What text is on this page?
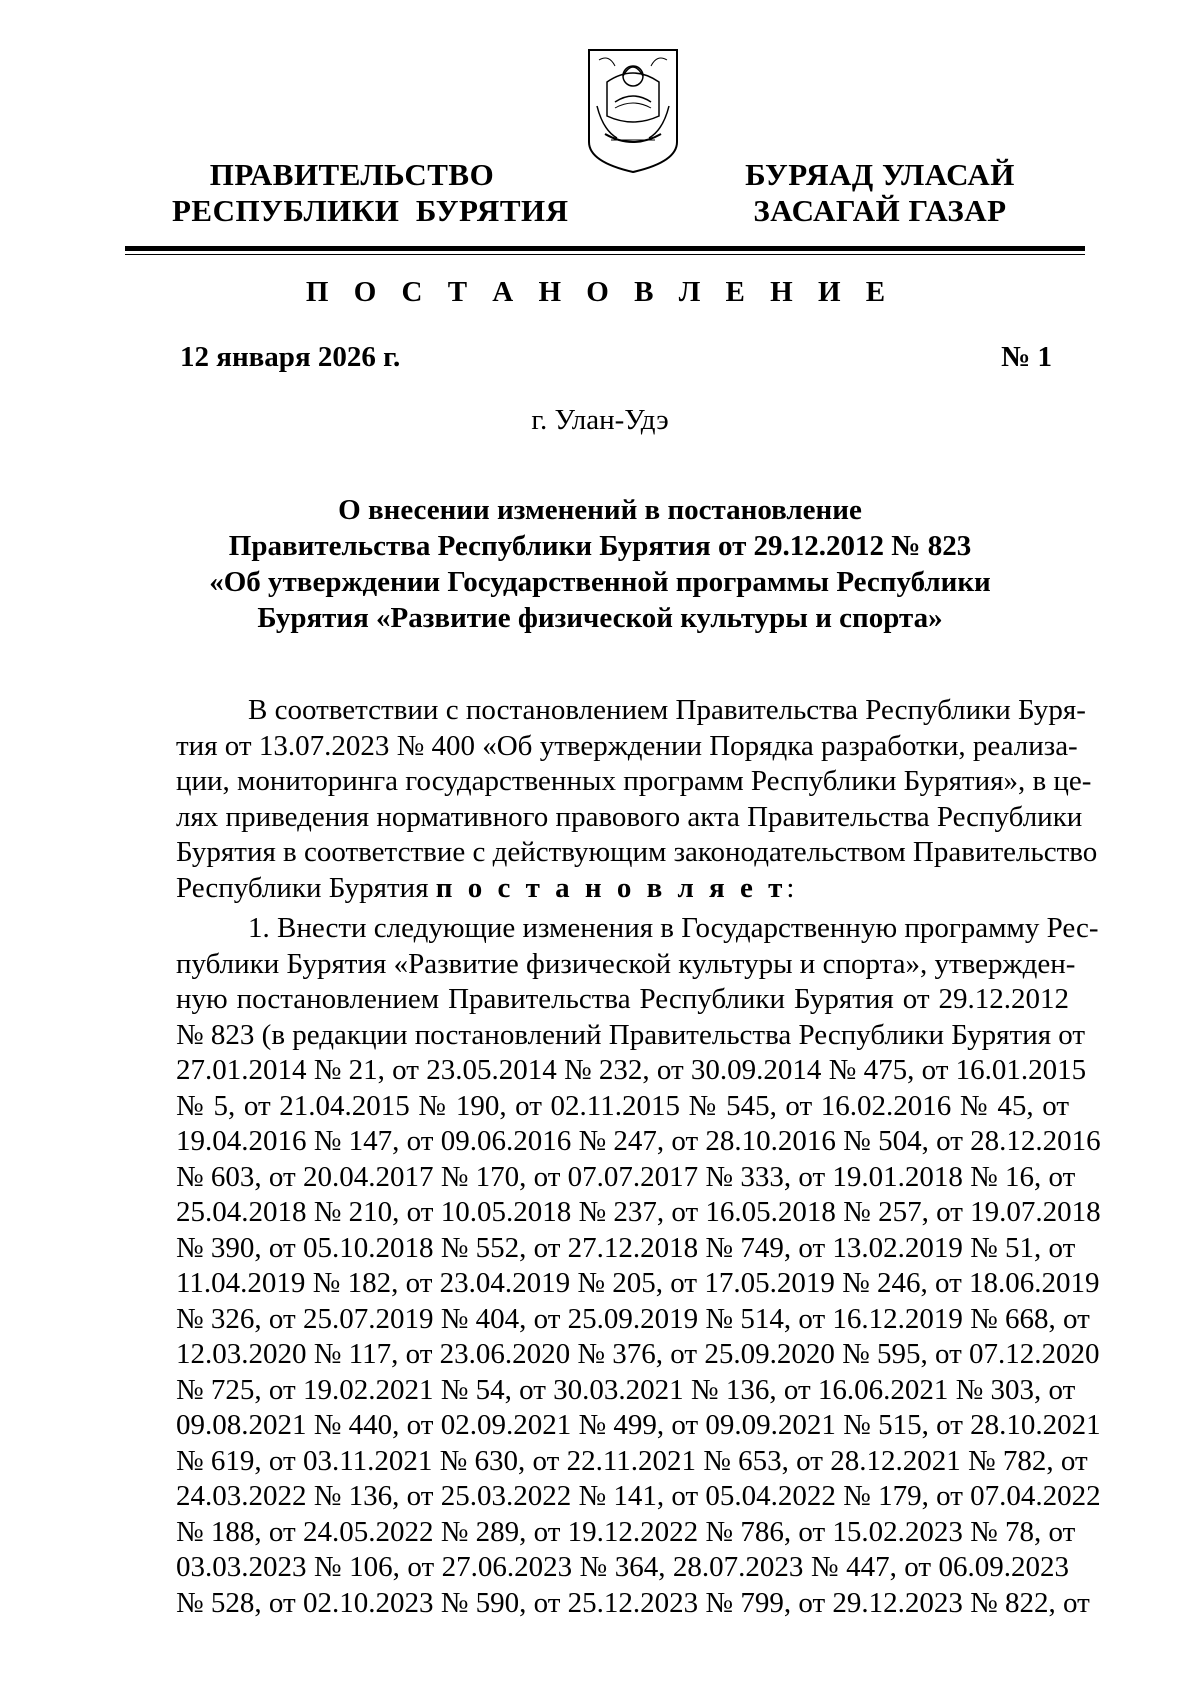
ПРАВИТЕЛЬСТВО
РЕСПУБЛИКИ  БУРЯТИЯ
БУРЯАД УЛАСАЙ
ЗАСАГАЙ ГАЗАР
П О С Т А Н О В Л Е Н И Е
12 января 2026 г.	№ 1
г. Улан-Удэ
О внесении изменений в постановление
Правительства Республики Бурятия от 29.12.2012 № 823
«Об утверждении Государственной программы Республики
Бурятия «Развитие физической культуры и спорта»
В соответствии с постановлением Правительства Республики Буря-
тия от 13.07.2023 № 400 «Об утверждении Порядка разработки, реализа-
ции, мониторинга государственных программ Республики Бурятия», в це-
лях приведения нормативного правового акта Правительства Республики
Бурятия в соответствие с действующим законодательством Правительство
Республики Бурятия п о с т а н о в л я е т:
1. Внести следующие изменения в Государственную программу Рес-
публики Бурятия «Развитие физической культуры и спорта», утвержден-
ную постановлением Правительства Республики Бурятия от 29.12.2012
№ 823 (в редакции постановлений Правительства Республики Бурятия от
27.01.2014 № 21, от 23.05.2014 № 232, от 30.09.2014 № 475, от 16.01.2015
№ 5, от 21.04.2015 № 190, от 02.11.2015 № 545, от 16.02.2016 № 45, от
19.04.2016 № 147, от 09.06.2016 № 247, от 28.10.2016 № 504, от 28.12.2016
№ 603, от 20.04.2017 № 170, от 07.07.2017 № 333, от 19.01.2018 № 16, от
25.04.2018 № 210, от 10.05.2018 № 237, от 16.05.2018 № 257, от 19.07.2018
№ 390, от 05.10.2018 № 552, от 27.12.2018 № 749, от 13.02.2019 № 51, от
11.04.2019 № 182, от 23.04.2019 № 205, от 17.05.2019 № 246, от 18.06.2019
№ 326, от 25.07.2019 № 404, от 25.09.2019 № 514, от 16.12.2019 № 668, от
12.03.2020 № 117, от 23.06.2020 № 376, от 25.09.2020 № 595, от 07.12.2020
№ 725, от 19.02.2021 № 54, от 30.03.2021 № 136, от 16.06.2021 № 303, от
09.08.2021 № 440, от 02.09.2021 № 499, от 09.09.2021 № 515, от 28.10.2021
№ 619, от 03.11.2021 № 630, от 22.11.2021 № 653, от 28.12.2021 № 782, от
24.03.2022 № 136, от 25.03.2022 № 141, от 05.04.2022 № 179, от 07.04.2022
№ 188, от 24.05.2022 № 289, от 19.12.2022 № 786, от 15.02.2023 № 78, от
03.03.2023 № 106, от 27.06.2023 № 364, 28.07.2023 № 447, от 06.09.2023
№ 528, от 02.10.2023 № 590, от 25.12.2023 № 799, от 29.12.2023 № 822, от
